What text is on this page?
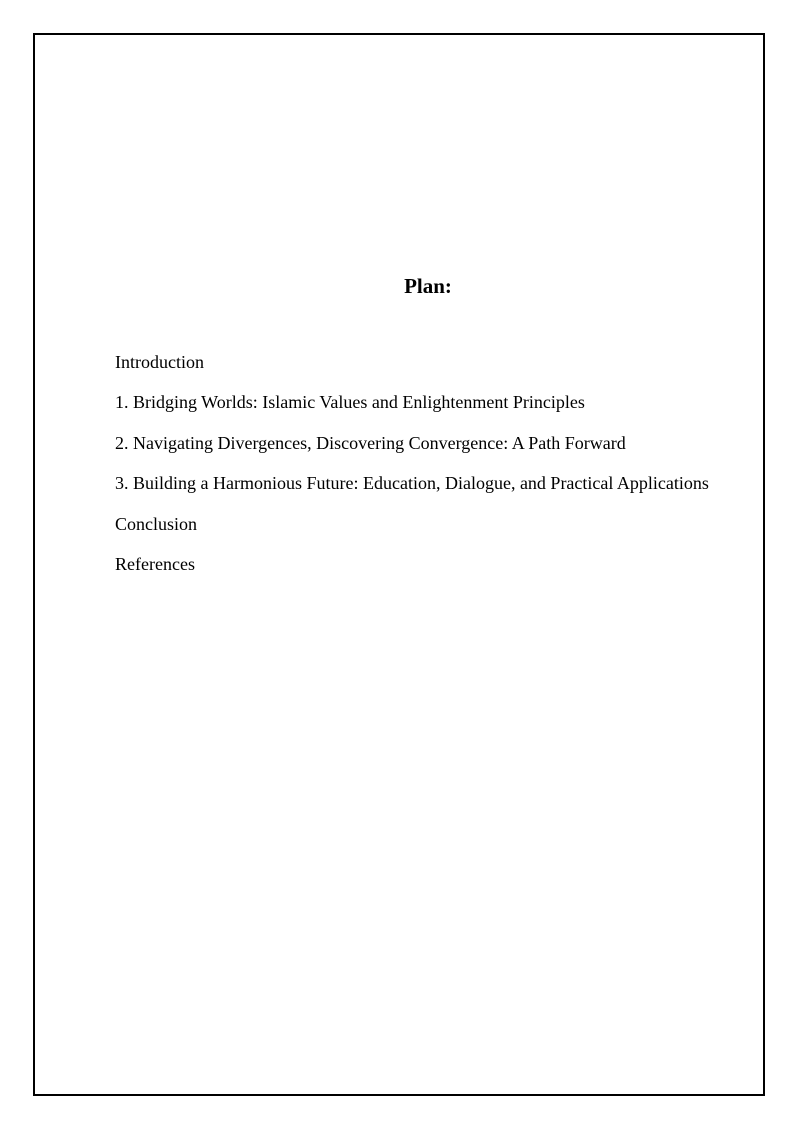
Plan:
Introduction
1. Bridging Worlds: Islamic Values and Enlightenment Principles
2. Navigating Divergences, Discovering Convergence: A Path Forward
3. Building a Harmonious Future: Education, Dialogue, and Practical Applications
Conclusion
References
